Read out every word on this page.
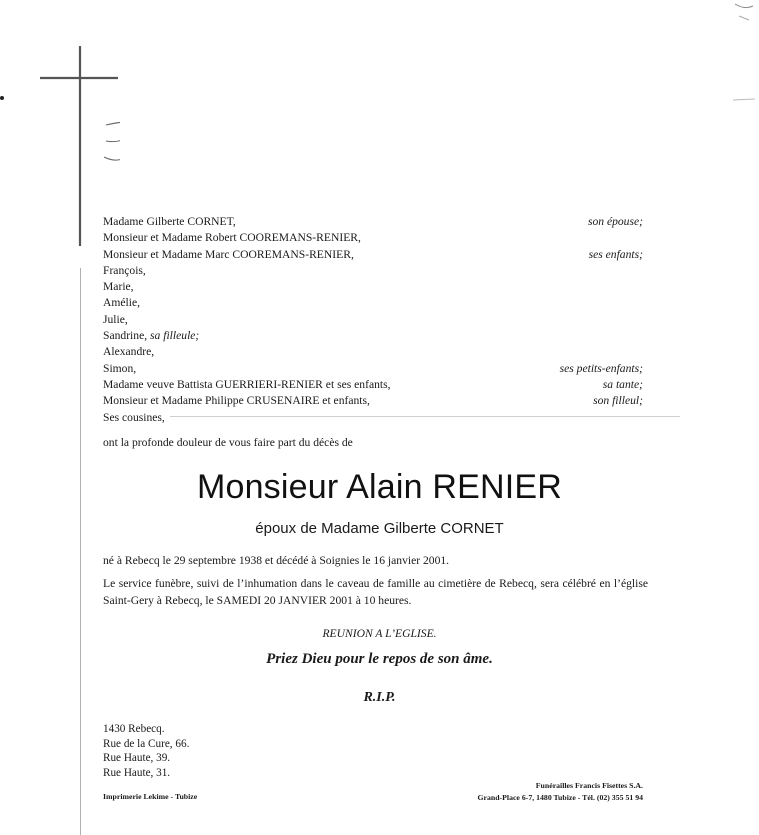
Madame Gilberte CORNET,	son épouse;
Monsieur et Madame Robert COOREMANS-RENIER,
Monsieur et Madame Marc COOREMANS-RENIER,	ses enfants;
François,
Marie,
Amélie,
Julie,
Sandrine, sa filleule;
Alexandre,
Simon,	ses petits-enfants;
Madame veuve Battista GUERRIERI-RENIER et ses enfants,	sa tante;
Monsieur et Madame Philippe CRUSENAIRE et enfants,	son filleul;
Ses cousines,
ont la profonde douleur de vous faire part du décès de
Monsieur Alain RENIER
époux de Madame Gilberte CORNET
né à Rebecq le 29 septembre 1938 et décédé à Soignies le 16 janvier 2001.
Le service funèbre, suivi de l’inhumation dans le caveau de famille au cimetière de Rebecq, sera célébré en l’église Saint-Gery à Rebecq, le SAMEDI 20 JANVIER 2001 à 10 heures.
REUNION A L’EGLISE.
Priez Dieu pour le repos de son âme.
R.I.P.
1430 Rebecq.
Rue de la Cure, 66.
Rue Haute, 39.
Rue Haute, 31.
Imprimerie Lekime - Tubize
Funérailles Francis Fisettes S.A.
Grand-Place 6-7, 1480 Tubize - Tél. (02) 355 51 94
